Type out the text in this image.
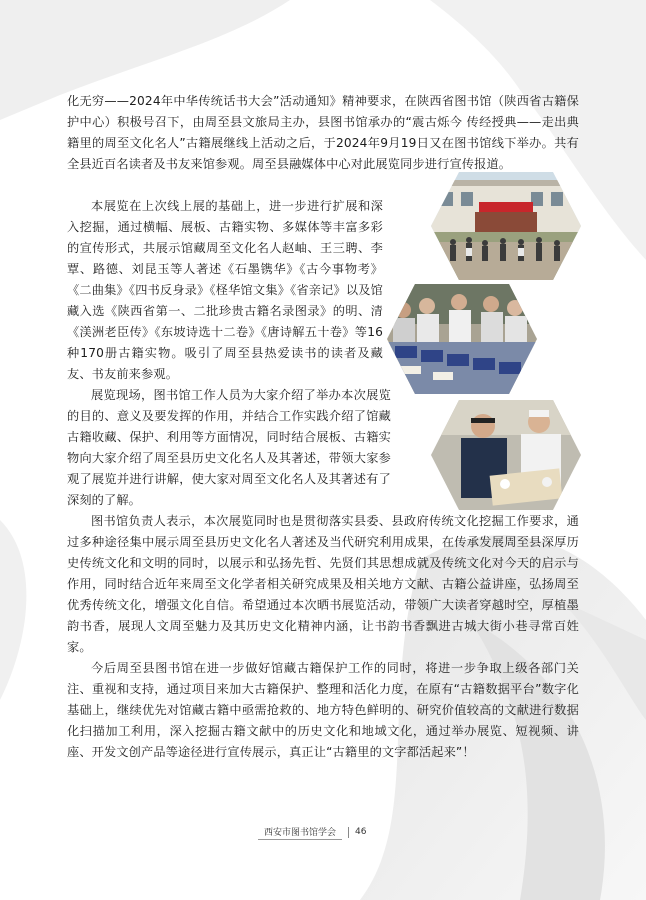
化无穷——2024年中华传统话书大会”活动通知》精神要求，在陕西省图书馆（陕西省古籍保护中心）积极号召下，由周至县文旅局主办，县图书馆承办的“震古烁今 传经授典——走出典籍里的周至文化名人”古籍展继线上活动之后，于2024年9月19日又在图书馆线下举办。共有全县近百名读者及书友来馆参观。周至县融媒体中心对此展览同步进行宣传报道。

本展览在上次线上展的基础上，进一步进行扩展和深入挖掘，通过横幅、展板、古籍实物、多媒体等丰富多彩的宣传形式，共展示馆藏周至文化名人赵岫、王三聘、李覃、路德、刘昆玉等人著述《石墨镌华》《古今事物考》《二曲集》《四书反身录》《柽华馆文集》《省亲记》以及馆藏入选《陕西省第一、二批珍贵古籍名录图录》的明、清《渼洲老臣传》《东坡诗选十二卷》《唐诗解五十卷》等16种170册古籍实物。吸引了周至县热爱读书的读者及藏友、书友前来参观。

展览现场，图书馆工作人员为大家介绍了举办本次展览的目的、意义及要发挥的作用，并结合工作实践介绍了馆藏古籍收藏、保护、利用等方面情况，同时结合展板、古籍实物向大家介绍了周至县历史文化名人及其著述，带领大家参观了展览并进行讲解，使大家对周至文化名人及其著述有了深刻的了解。

图书馆负责人表示，本次展览同时也是贯彻落实县委、县政府传统文化挖掘工作要求，通过多种途径集中展示周至县历史文化名人著述及当代研究利用成果，在传承发展周至县深厚历史传统文化和文明的同时，以展示和弘扬先哲、先贤们其思想成就及传统文化对今天的启示与作用，同时结合近年来周至文化学者相关研究成果及相关地方文献、古籍公益讲座，弘扬周至优秀传统文化，增强文化自信。希望通过本次晒书展览活动，带领广大读者穿越时空，厚植墨韵书香，展现人文周至魅力及其历史文化精神内涵，让书韵书香飘进古城大街小巷寻常百姓家。

今后周至县图书馆在进一步做好馆藏古籍保护工作的同时，将进一步争取上级各部门关注、重视和支持，通过项目来加大古籍保护、整理和活化力度，在原有“古籍数据平台”数字化基础上，继续优先对馆藏古籍中亟需抢救的、地方特色鲜明的、研究价值较高的文献进行数据化扫描加工利用，深入挖掘古籍文献中的历史文化和地域文化，通过举办展览、短视频、讲座、开发文创产品等途径进行宣传展示，真正让“古籍里的文字都活起来”！

西安市图书馆学会	46
